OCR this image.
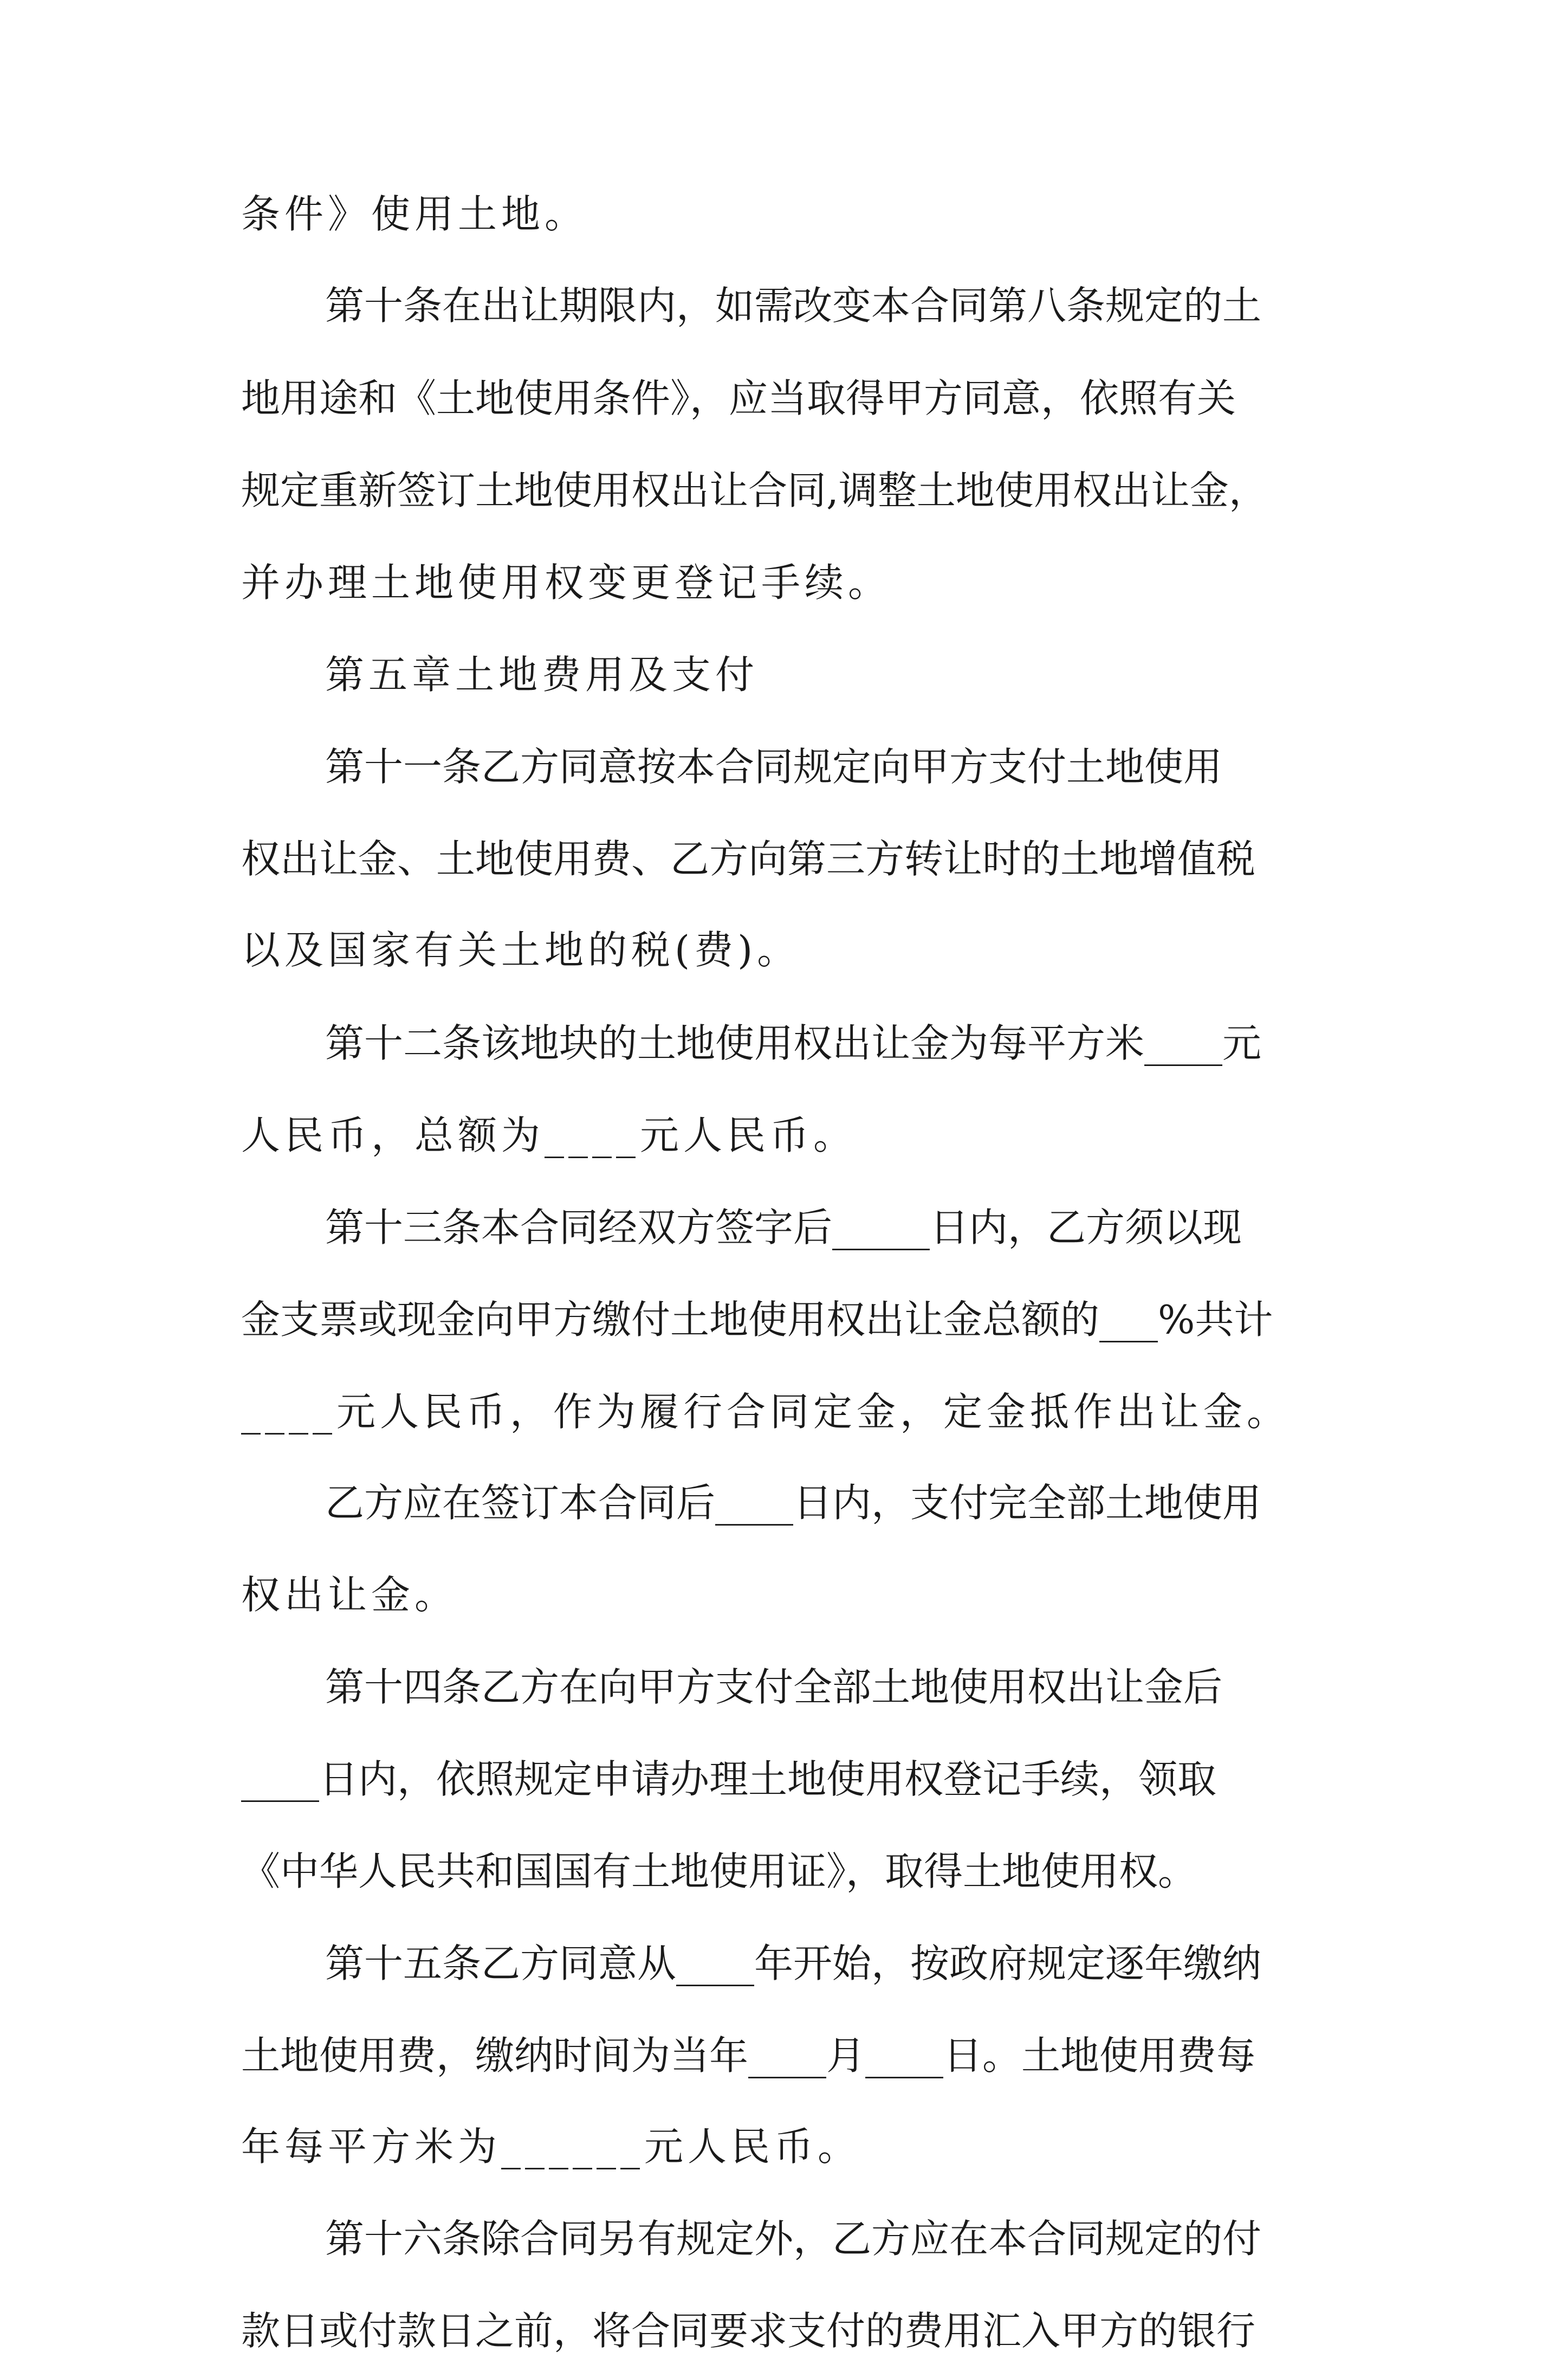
条件》使用土地。
第十条在出让期限内，如需改变本合同第八条规定的土
地用途和《土地使用条件》，应当取得甲方同意，依照有关
规定重新签订土地使用权出让合同,调整土地使用权出让金，
并办理土地使用权变更登记手续。
第五章土地费用及支付
第十一条乙方同意按本合同规定向甲方支付土地使用
权出让金、土地使用费、乙方向第三方转让时的土地增值税
以及国家有关土地的税(费)。
第十二条该地块的土地使用权出让金为每平方米____元
人民币，总额为____元人民币。
第十三条本合同经双方签字后_____日内，乙方须以现
金支票或现金向甲方缴付土地使用权出让金总额的___%共计
____元人民币，作为履行合同定金，定金抵作出让金。
乙方应在签订本合同后____日内，支付完全部土地使用
权出让金。
第十四条乙方在向甲方支付全部土地使用权出让金后
____日内，依照规定申请办理土地使用权登记手续，领取
《中华人民共和国国有土地使用证》，取得土地使用权。
第十五条乙方同意从____年开始，按政府规定逐年缴纳
土地使用费，缴纳时间为当年____月____日。土地使用费每
年每平方米为______元人民币。
第十六条除合同另有规定外，乙方应在本合同规定的付
款日或付款日之前，将合同要求支付的费用汇入甲方的银行
